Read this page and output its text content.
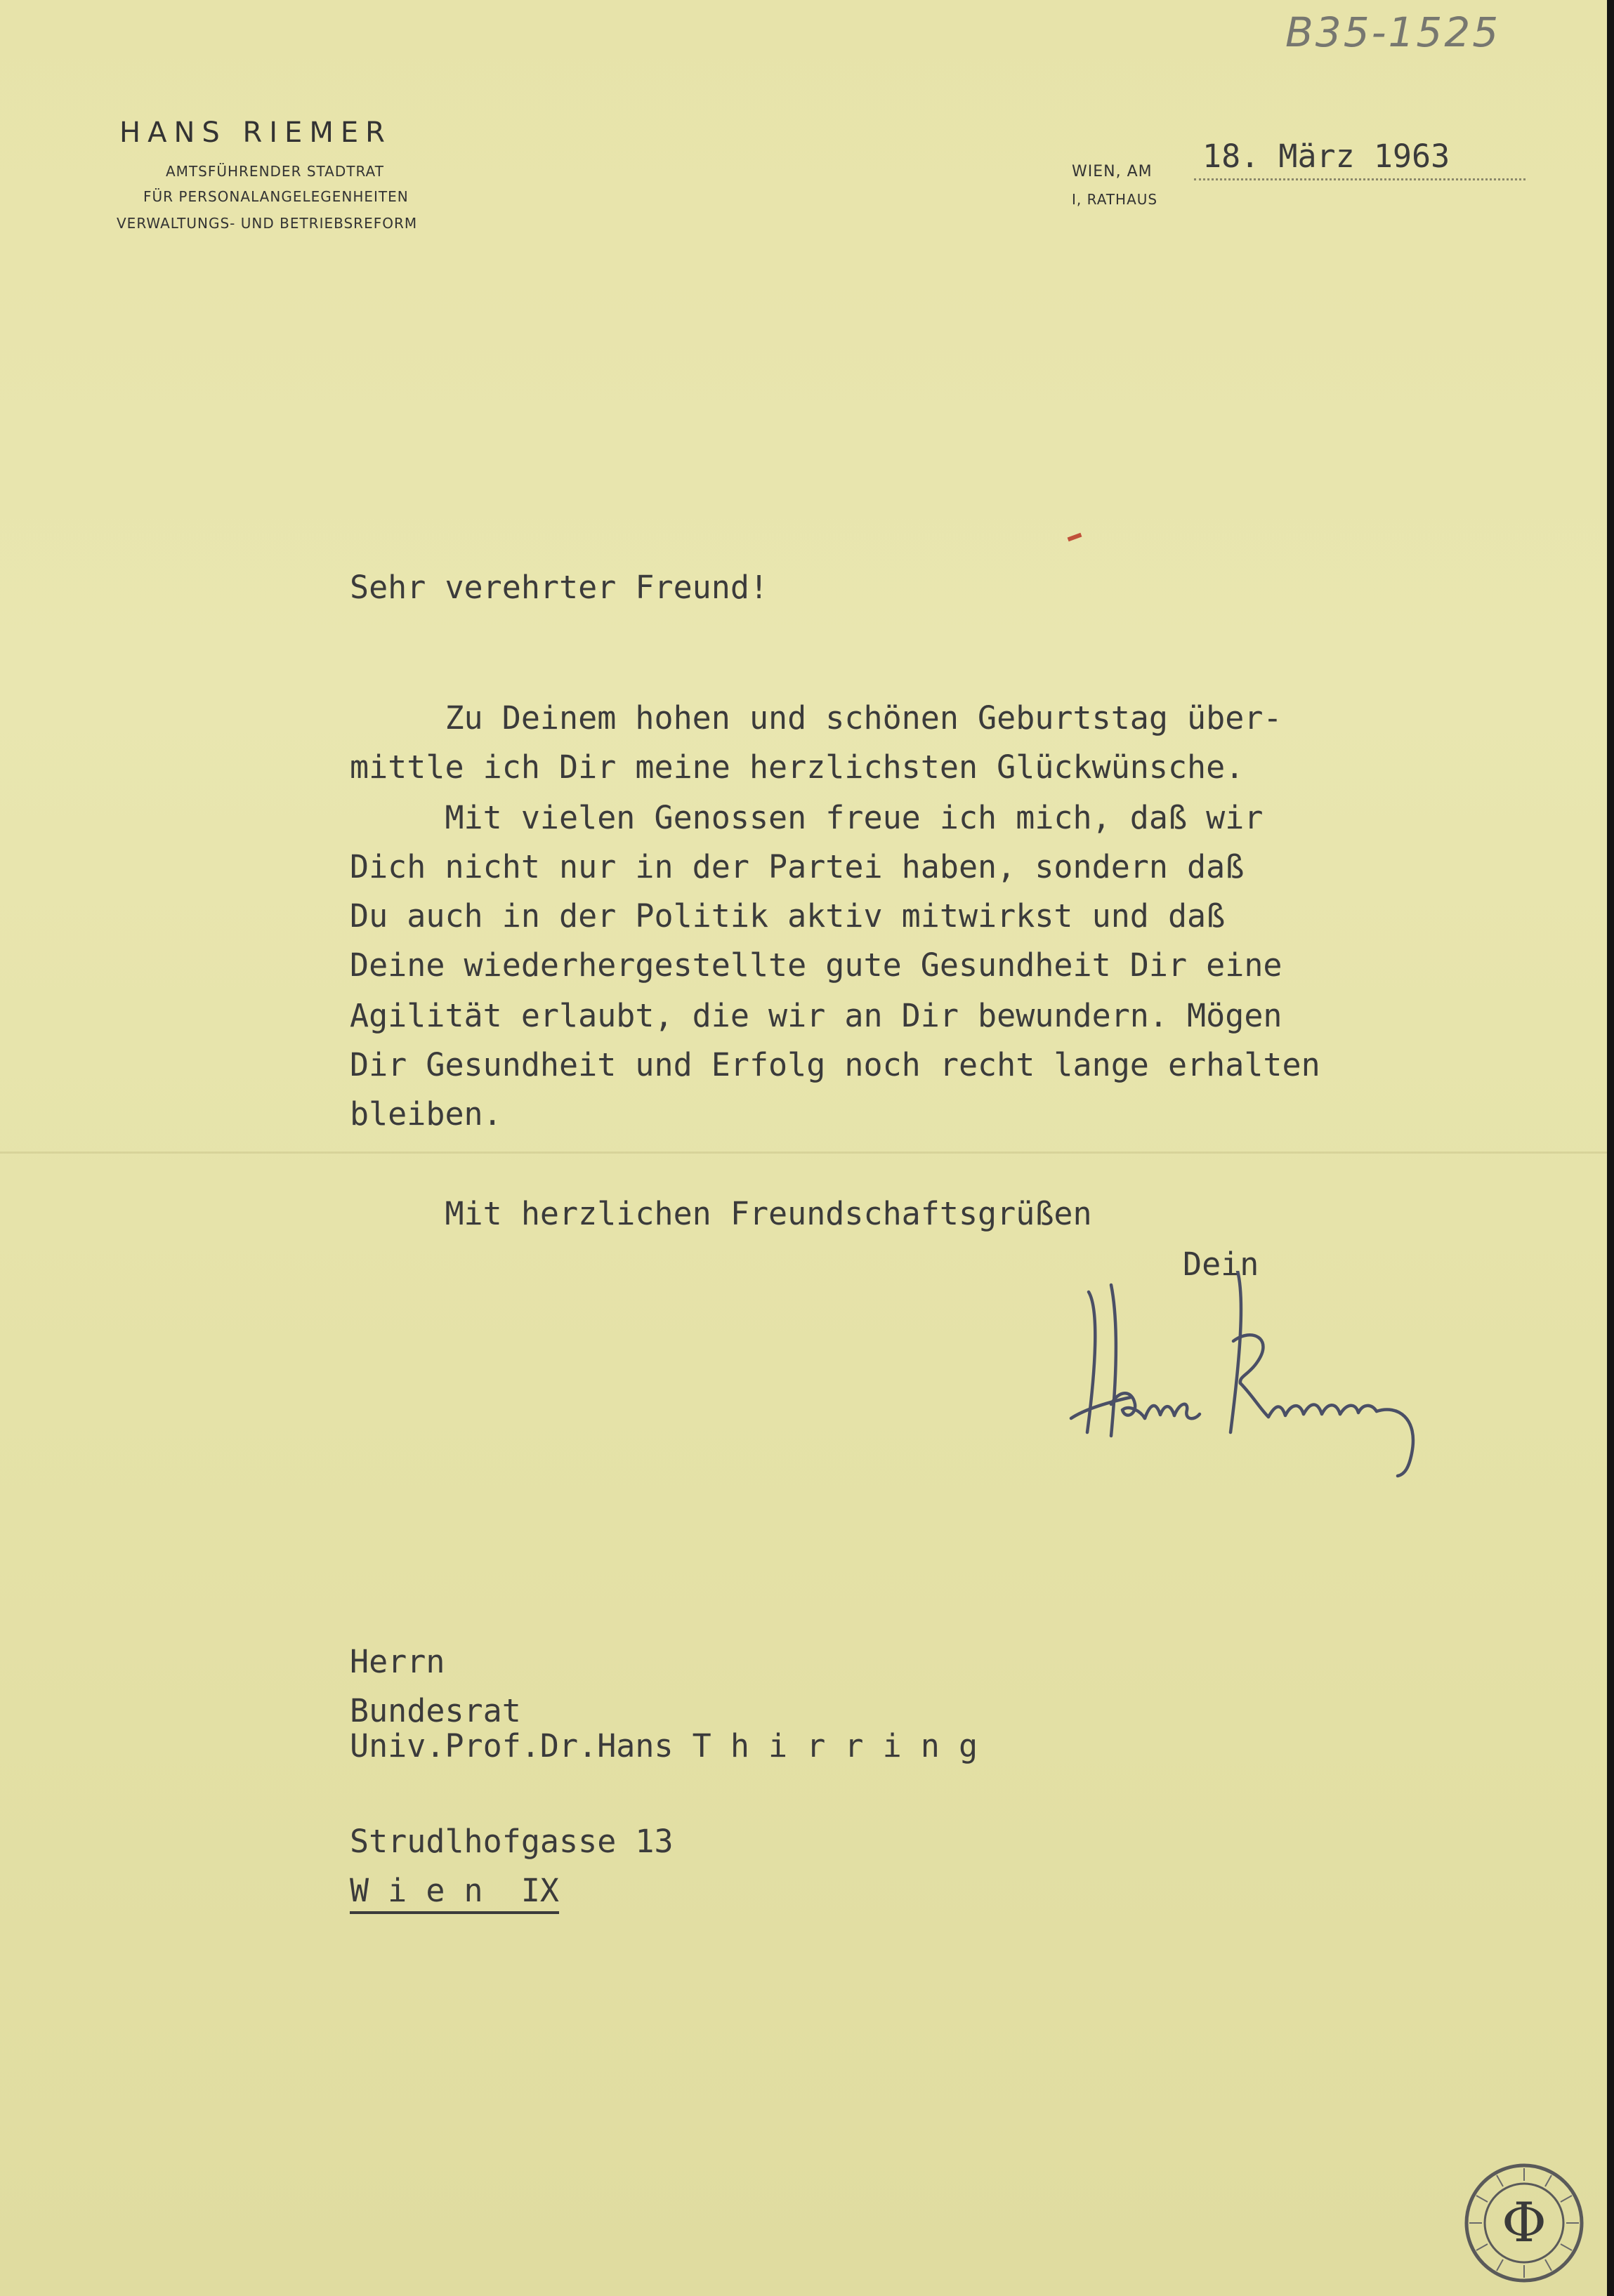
B35-1525
HANS RIEMER
AMTSFÜHRENDER STADTRAT
FÜR PERSONALANGELEGENHEITEN
VERWALTUNGS- UND BETRIEBSREFORM
WIEN, AM
I, RATHAUS
18. März 1963
Sehr verehrter Freund!
Zu Deinem hohen und schönen Geburtstag über-
mittle ich Dir meine herzlichsten Glückwünsche.
Mit vielen Genossen freue ich mich, daß wir
Dich nicht nur in der Partei haben, sondern daß
Du auch in der Politik aktiv mitwirkst und daß
Deine wiederhergestellte gute Gesundheit Dir eine
Agilität erlaubt, die wir an Dir bewundern. Mögen
Dir Gesundheit und Erfolg noch recht lange erhalten
bleiben.
Mit herzlichen Freundschaftsgrüßen
Dein
Herrn
Bundesrat
Univ.Prof.Dr.Hans T h i r r i n g
Strudlhofgasse 13
W i e n  IX
Φ
